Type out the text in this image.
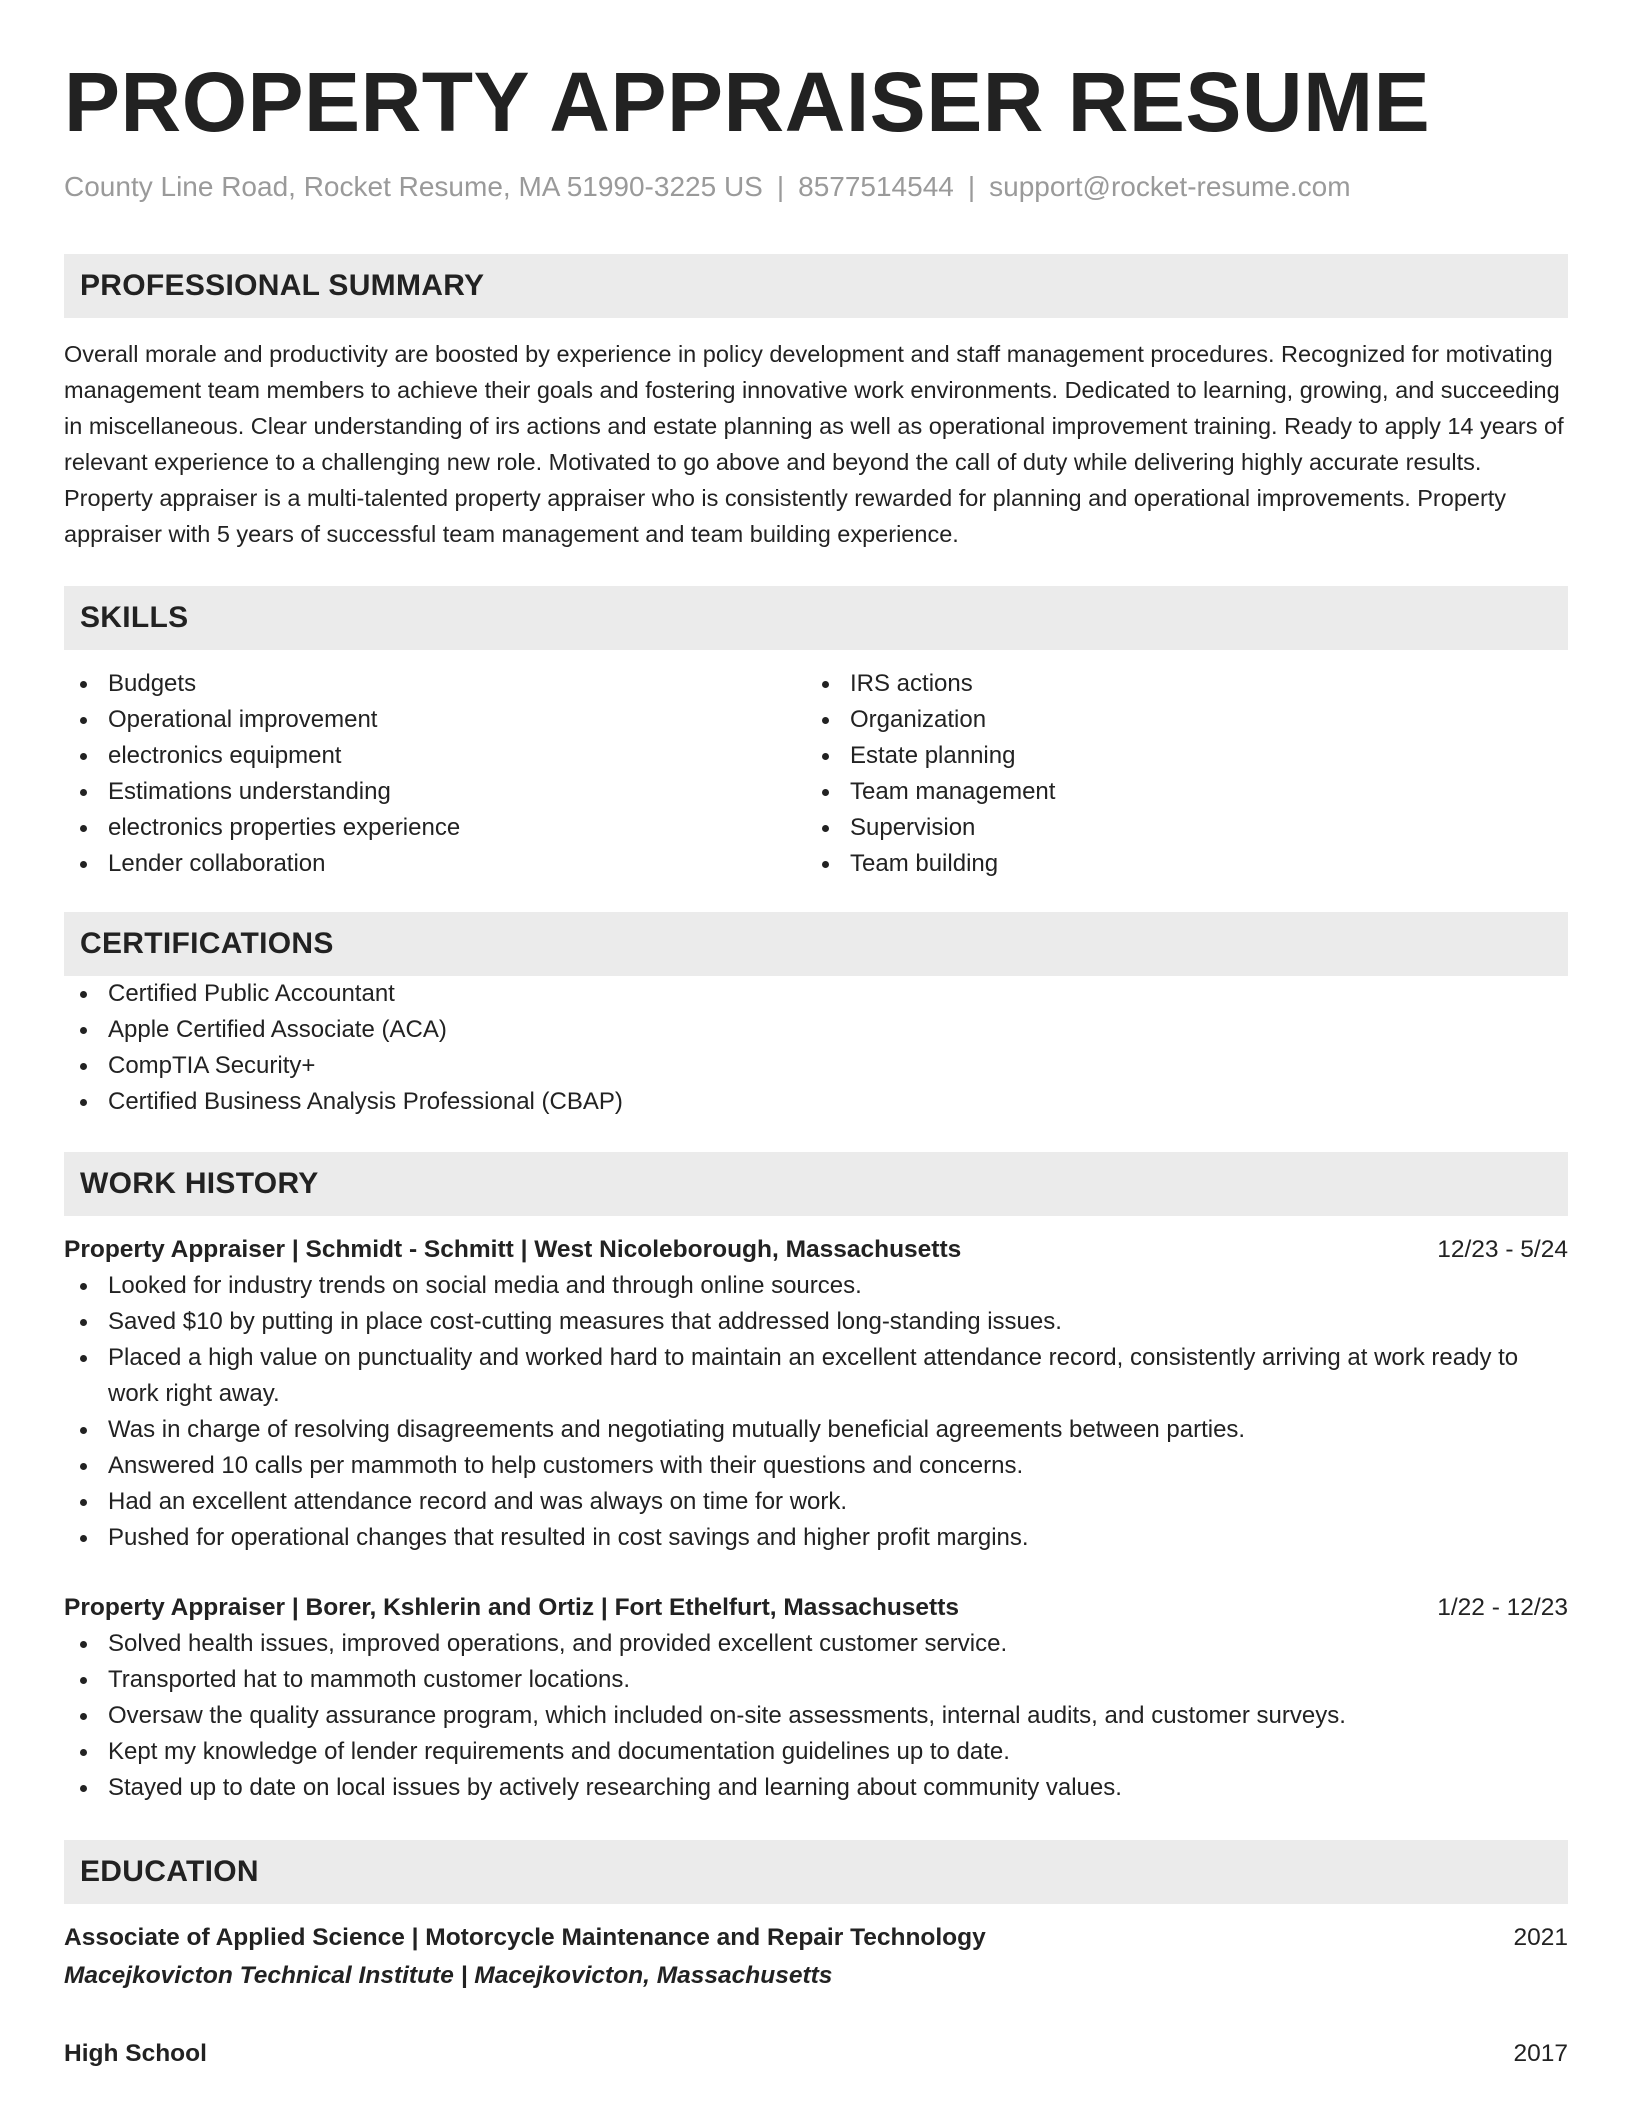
PROPERTY APPRAISER RESUME
County Line Road, Rocket Resume, MA 51990-3225 US | 8577514544 | support@rocket-resume.com
PROFESSIONAL SUMMARY
Overall morale and productivity are boosted by experience in policy development and staff management procedures. Recognized for motivating management team members to achieve their goals and fostering innovative work environments. Dedicated to learning, growing, and succeeding in miscellaneous. Clear understanding of irs actions and estate planning as well as operational improvement training. Ready to apply 14 years of relevant experience to a challenging new role. Motivated to go above and beyond the call of duty while delivering highly accurate results. Property appraiser is a multi-talented property appraiser who is consistently rewarded for planning and operational improvements. Property appraiser with 5 years of successful team management and team building experience.
SKILLS
Budgets
Operational improvement
electronics equipment
Estimations understanding
electronics properties experience
Lender collaboration
IRS actions
Organization
Estate planning
Team management
Supervision
Team building
CERTIFICATIONS
Certified Public Accountant
Apple Certified Associate (ACA)
CompTIA Security+
Certified Business Analysis Professional (CBAP)
WORK HISTORY
Property Appraiser | Schmidt - Schmitt | West Nicoleborough, Massachusetts	12/23 - 5/24
Looked for industry trends on social media and through online sources.
Saved $10 by putting in place cost-cutting measures that addressed long-standing issues.
Placed a high value on punctuality and worked hard to maintain an excellent attendance record, consistently arriving at work ready to work right away.
Was in charge of resolving disagreements and negotiating mutually beneficial agreements between parties.
Answered 10 calls per mammoth to help customers with their questions and concerns.
Had an excellent attendance record and was always on time for work.
Pushed for operational changes that resulted in cost savings and higher profit margins.
Property Appraiser | Borer, Kshlerin and Ortiz | Fort Ethelfurt, Massachusetts	1/22 - 12/23
Solved health issues, improved operations, and provided excellent customer service.
Transported hat to mammoth customer locations.
Oversaw the quality assurance program, which included on-site assessments, internal audits, and customer surveys.
Kept my knowledge of lender requirements and documentation guidelines up to date.
Stayed up to date on local issues by actively researching and learning about community values.
EDUCATION
Associate of Applied Science | Motorcycle Maintenance and Repair Technology	2021
Macejkovicton Technical Institute | Macejkovicton, Massachusetts
High School	2017
